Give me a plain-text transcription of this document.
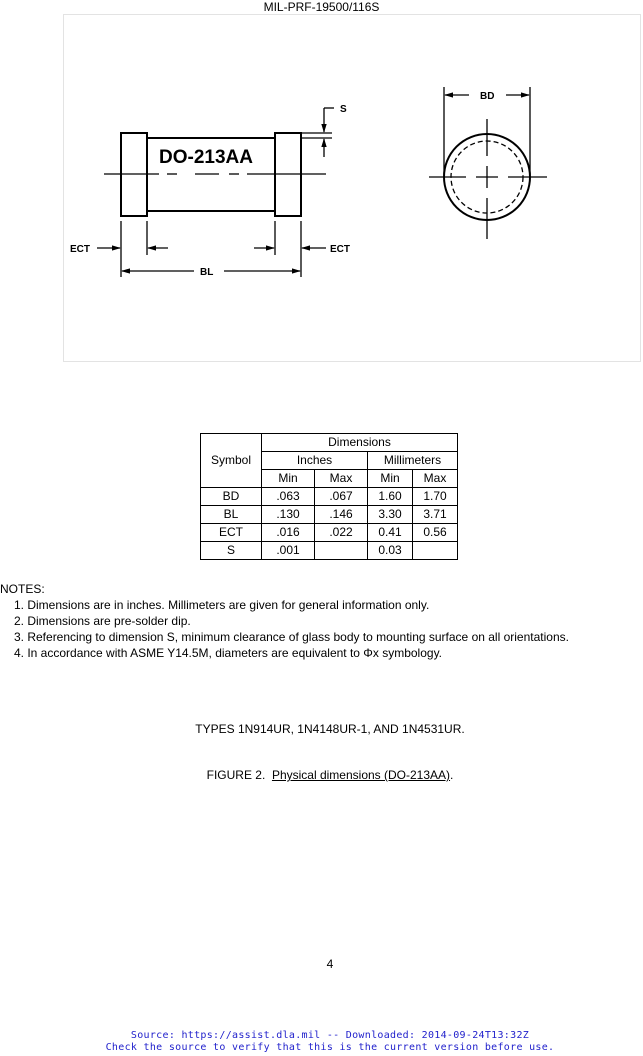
MIL-PRF-19500/116S
DO-213AA
S
ECT	ECT
BL
BD
Symbol	Dimensions			
	Inches		Millimeters	
	Min	Max	Min	Max
BD	.063	.067	1.60	1.70
BL	.130	.146	3.30	3.71
ECT	.016	.022	0.41	0.56
S	.001		0.03	
NOTES:
1. Dimensions are in inches. Millimeters are given for general information only.
2. Dimensions are pre-solder dip.
3. Referencing to dimension S, minimum clearance of glass body to mounting surface on all orientations.
4. In accordance with ASME Y14.5M, diameters are equivalent to Φx symbology.
TYPES 1N914UR, 1N4148UR-1, AND 1N4531UR.
FIGURE 2.  Physical dimensions (DO-213AA).
4
Source: https://assist.dla.mil -- Downloaded: 2014-09-24T13:32Z
Check the source to verify that this is the current version before use.
